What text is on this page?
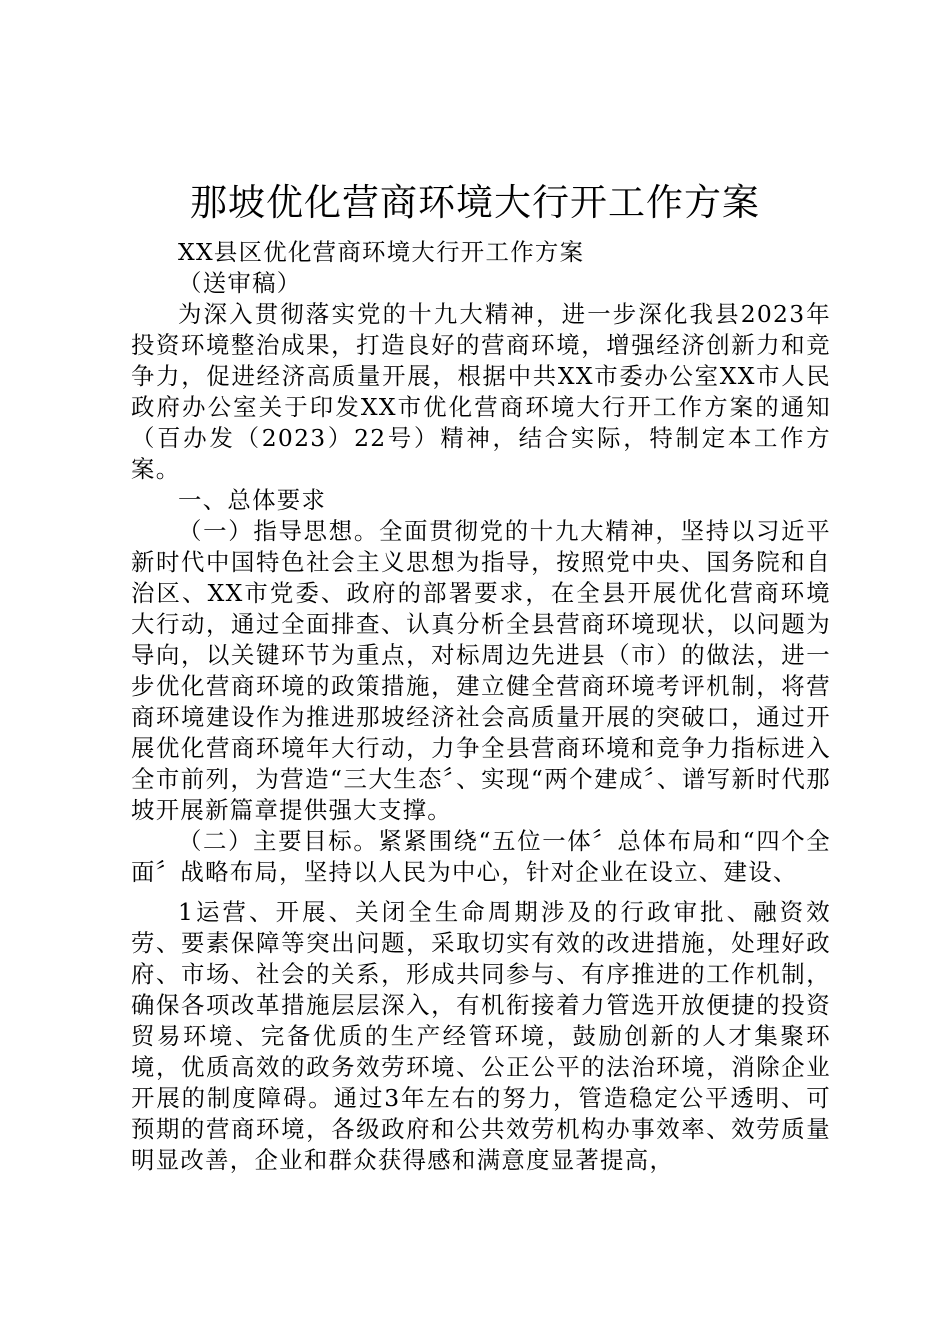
那坡优化营商环境大行开工作方案

XX县区优化营商环境大行开工作方案

（送审稿）

为深入贯彻落实党的十九大精神，进一步深化我县2023年投资环境整治成果，打造良好的营商环境，增强经济创新力和竞争力，促进经济高质量开展，根据中共XX市委办公室XX市人民政府办公室关于印发XX市优化营商环境大行开工作方案的通知（百办发（2023）22号）精神，结合实际，特制定本工作方案。

一、总体要求

（一）指导思想。全面贯彻党的十九大精神，坚持以习近平新时代中国特色社会主义思想为指导，按照党中央、国务院和自治区、XX市党委、政府的部署要求，在全县开展优化营商环境大行动，通过全面排查、认真分析全县营商环境现状，以问题为导向，以关键环节为重点，对标周边先进县（市）的做法，进一步优化营商环境的政策措施，建立健全营商环境考评机制，将营商环境建设作为推进那坡经济社会高质量开展的突破口，通过开展优化营商环境年大行动，力争全县营商环境和竞争力指标进入全市前列，为营造“三大生态〞、实现“两个建成〞、谱写新时代那坡开展新篇章提供强大支撑。

（二）主要目标。紧紧围绕“五位一体〞总体布局和“四个全面〞战略布局，坚持以人民为中心，针对企业在设立、建设、

1运营、开展、关闭全生命周期涉及的行政审批、融资效劳、要素保障等突出问题，采取切实有效的改进措施，处理好政府、市场、社会的关系，形成共同参与、有序推进的工作机制，确保各项改革措施层层深入，有机衔接着力管选开放便捷的投资贸易环境、完备优质的生产经管环境，鼓励创新的人才集聚环境，优质高效的政务效劳环境、公正公平的法治环境，消除企业开展的制度障碍。通过3年左右的努力，管造稳定公平透明、可预期的营商环境，各级政府和公共效劳机构办事效率、效劳质量明显改善，企业和群众获得感和满意度显著提高，
